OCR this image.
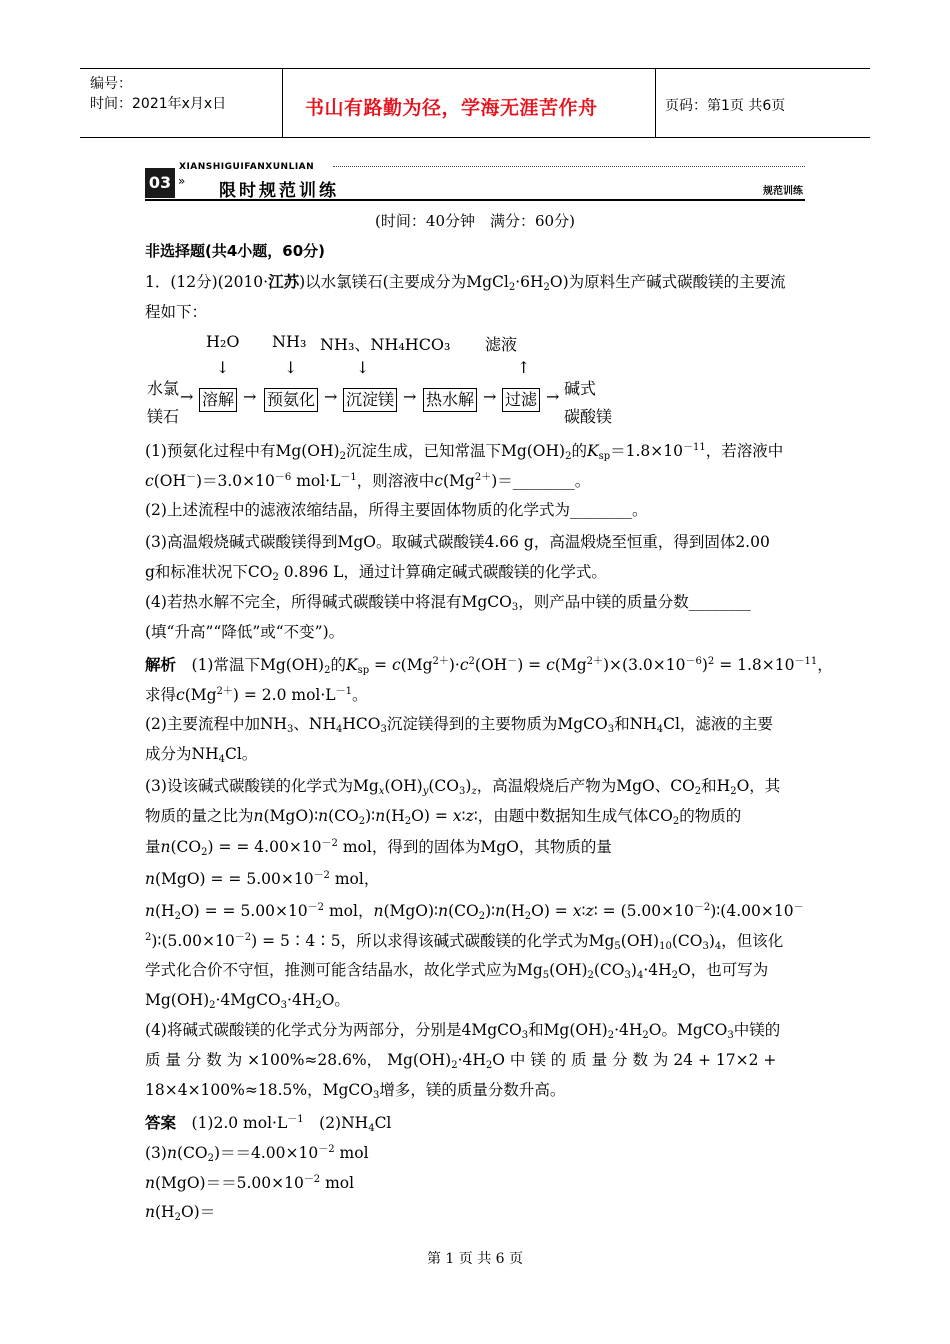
编号：
时间：2021年x月x日	书山有路勤为径，学海无涯苦作舟	页码：第1页 共6页
03 »
XIANSHIGUIFANXUNLIAN
限时规范训练	规范训练
(时间：40分钟　满分：60分)
非选择题(共4小题，60分)
1．(12分)(2010·江苏)以水氯镁石(主要成分为$MgCl_2\cdot 6H_2O$)为原料生产碱式碳酸镁的主要流
程如下：
H₂O NH₃ NH₃、NH₄HCO₃ 滤液
↓	↓	↓	↑
水氯
镁石
→ 溶解 → 预氨化 → 沉淀镁 → 热水解 → 过滤 → 碱式
碳酸镁
(1)预氨化过程中有$Mg(OH)_2$沉淀生成，已知常温下$Mg(OH)_2$的$K_{sp}=1.8\times 10^{-11}$，若溶液中
$c(OH^-)=3.0\times 10^{-6}$ $mol\cdot L^{-1}$，则溶液中$c(Mg^{2+})=\_\_\_\_\_\_\_\_$。
(2)上述流程中的滤液浓缩结晶，所得主要固体物质的化学式为________。
(3)高温煅烧碱式碳酸镁得到MgO。取碱式碳酸镁4.66 g，高温煅烧至恒重，得到固体2.00
g和标准状况下$CO_2$ 0.896 L，通过计算确定碱式碳酸镁的化学式。
(4)若热水解不完全，所得碱式碳酸镁中将混有MgCO$_3$，则产品中镁的质量分数________
(填“升高”“降低”或“不变”)。
解析　(1)常温下$Mg(OH)_2$的$K_{sp} = c(Mg^{2+})\cdot c^2(OH^-) = c(Mg^{2+})\times(3.0\times 10^{-6})^2 = 1.8\times 10^{-11}$，
求得$c(Mg^{2+}) = 2.0$ $mol\cdot L^{-1}$。
(2)主要流程中加$NH_3$、$NH_4HCO_3$沉淀镁得到的主要物质为MgCO$_3$和$NH_4Cl$，滤液的主要
成分为$NH_4Cl$。
(3)设该碱式碳酸镁的化学式为$Mg_x(OH)_y(CO_3)_z$，高温煅烧后产物为MgO、$CO_2$和$H_2O$，其
物质的量之比为$n(MgO)∶n(CO_2)∶n(H_2O)$ = x∶z∶，由题中数据知生成气体$CO_2$的物质的
量$n(CO_2)$ = = $4.00\times 10^{-2}$ mol，得到的固体为MgO，其物质的量
n(MgO) = = $5.00\times 10^{-2}$ mol，
$n(H_2O)$ = = $5.00\times 10^{-2}$ mol，$n(MgO)∶n(CO_2)∶n(H_2O)$ = x∶z∶ = $(5.00\times 10^{-2})∶(4.00\times 10^-$
$^2)∶(5.00\times 10^{-2})$ = 5∶4∶5，所以求得该碱式碳酸镁的化学式为$Mg_5(OH)_{10}(CO_3)_4$，但该化
学式化合价不守恒，推测可能含结晶水，故化学式应为$Mg_5(OH)_2(CO_3)_4\cdot 4H_2O$，也可写为
$Mg(OH)_2\cdot 4MgCO_3\cdot 4H_2O$。
(4)将碱式碳酸镁的化学式分为两部分，分别是4MgCO$_3$和$Mg(OH)_2\cdot 4H_2O$。MgCO$_3$中镁的
质 量 分 数 为 ×100%≈28.6%， $Mg(OH)_2\cdot 4H_2O$ 中 镁 的 质 量 分 数 为 24 + 17×2 +
18×4×100%≈18.5%，MgCO$_3$增多，镁的质量分数升高。
答案　(1)2.0 $mol\cdot L^{-1}$　$(2)NH_4Cl$
$(3)n(CO_2)==4.00\times 10^{-2}$ mol
$n(MgO)==5.00\times 10^{-2}$ mol
$n(H_2O)=$
第 1 页 共 6 页
